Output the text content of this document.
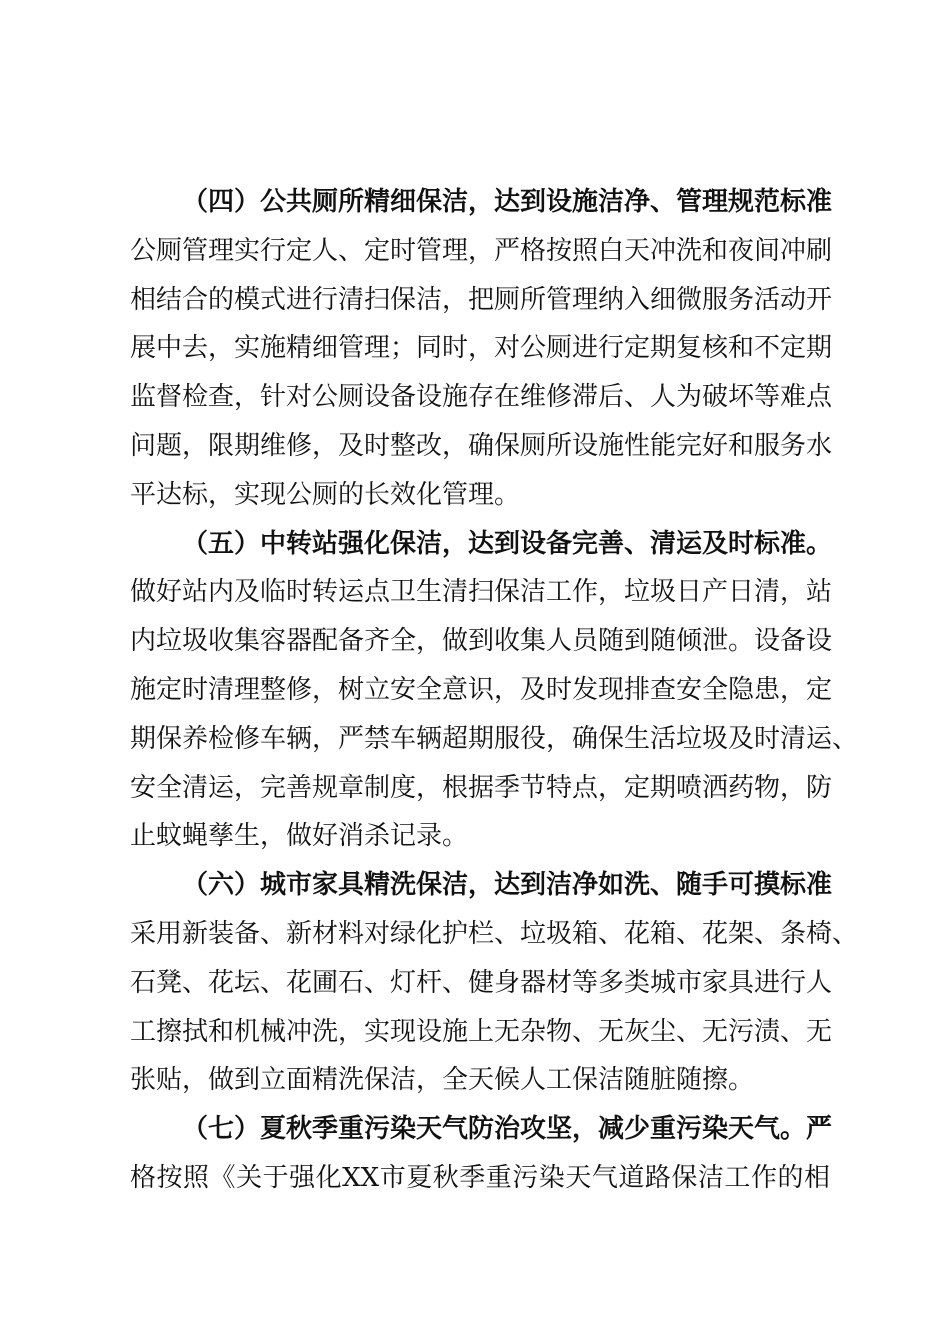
（四）公共厕所精细保洁，达到设施洁净、管理规范标准
公厕管理实行定人、定时管理，严格按照白天冲洗和夜间冲刷
相结合的模式进行清扫保洁，把厕所管理纳入细微服务活动开
展中去，实施精细管理；同时，对公厕进行定期复核和不定期
监督检查，针对公厕设备设施存在维修滞后、人为破坏等难点
问题，限期维修，及时整改，确保厕所设施性能完好和服务水
平达标，实现公厕的长效化管理。
（五）中转站强化保洁，达到设备完善、清运及时标准。
做好站内及临时转运点卫生清扫保洁工作，垃圾日产日清，站
内垃圾收集容器配备齐全，做到收集人员随到随倾泄。设备设
施定时清理整修，树立安全意识，及时发现排查安全隐患，定
期保养检修车辆，严禁车辆超期服役，确保生活垃圾及时清运、
安全清运，完善规章制度，根据季节特点，定期喷洒药物，防
止蚊蝇孳生，做好消杀记录。
（六）城市家具精洗保洁，达到洁净如洗、随手可摸标准
采用新装备、新材料对绿化护栏、垃圾箱、花箱、花架、条椅、
石凳、花坛、花圃石、灯杆、健身器材等多类城市家具进行人
工擦拭和机械冲洗，实现设施上无杂物、无灰尘、无污渍、无
张贴，做到立面精洗保洁，全天候人工保洁随脏随擦。
（七）夏秋季重污染天气防治攻坚，减少重污染天气。严
格按照《关于强化XX市夏秋季重污染天气道路保洁工作的相
